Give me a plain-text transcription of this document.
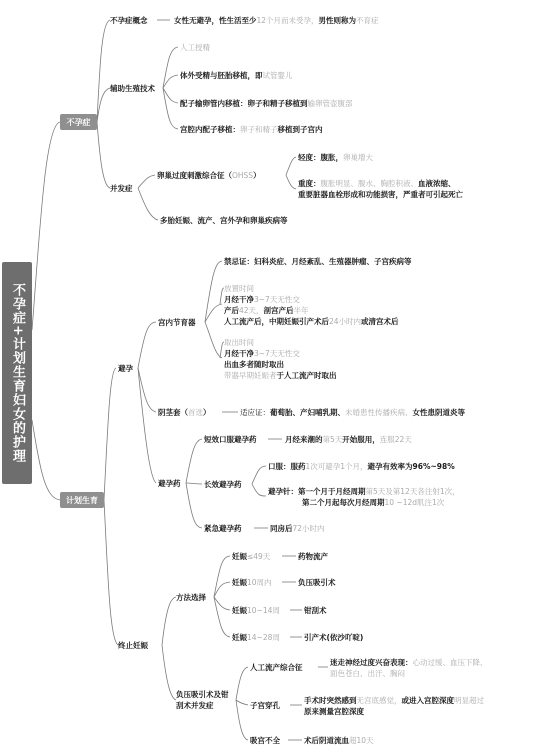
不孕症+计划生育妇女的护理
不孕症
计划生育
不孕症概念	女性无避孕，性生活至少12个月而未受孕，男性则称为不育症
辅助生殖技术
人工授精
体外受精与胚胎移植，即试管婴儿
配子输卵管内移植：卵子和精子移植到输卵管壶腹部
宫腔内配子移植：卵子和精子移植到子宫内
并发症
卵巢过度刺激综合征（OHSS）
轻度：腹胀，卵巢增大
重度：腹胀明显、腹水、胸腔积液、血液浓缩、
重要脏器血栓形成和功能损害，严重者可引起死亡
多胎妊娠、流产、宫外孕和卵巢疾病等
避孕
宫内节育器
禁忌证：妇科炎症、月经紊乱、生殖器肿瘤、子宫疾病等
放置时间
月经干净3~7天无性交
产后42天，剖宫产后半年
人工流产后，中期妊娠引产术后24小时内或清宫术后
取出时间
月经干净3~7天无性交
出血多者随时取出
带器早期妊娠者于人工流产时取出
阴茎套（首选）	适应证：葡萄胎、产妇哺乳期、未婚患性传播疾病、女性患阴道炎等
避孕药
短效口服避孕药	月经来潮的第5天开始服用，连服22天
长效避孕药
口服：服药1次可避孕1个月，避孕有效率为96%~98%
避孕针：第一个月于月经周期第5天及第12天各注射1次，
第二个月起每次月经周期10 ~12d肌注1次
紧急避孕药	同房后72小时内
终止妊娠
方法选择
妊娠≤49天	药物流产
妊娠10周内	负压吸引术
妊娠10~14周	钳刮术
妊娠14~28周	引产术(依沙吖啶)
负压吸引术及钳刮术并发症
人工流产综合征
迷走神经过度兴奋表现：心动过缓、血压下降、
面色苍白、出汗、胸闷
子宫穿孔
手术时突然感到无宫底感觉，或进入宫腔深度明显超过
原来测量宫腔深度
吸宫不全	术后阴道流血超10天
